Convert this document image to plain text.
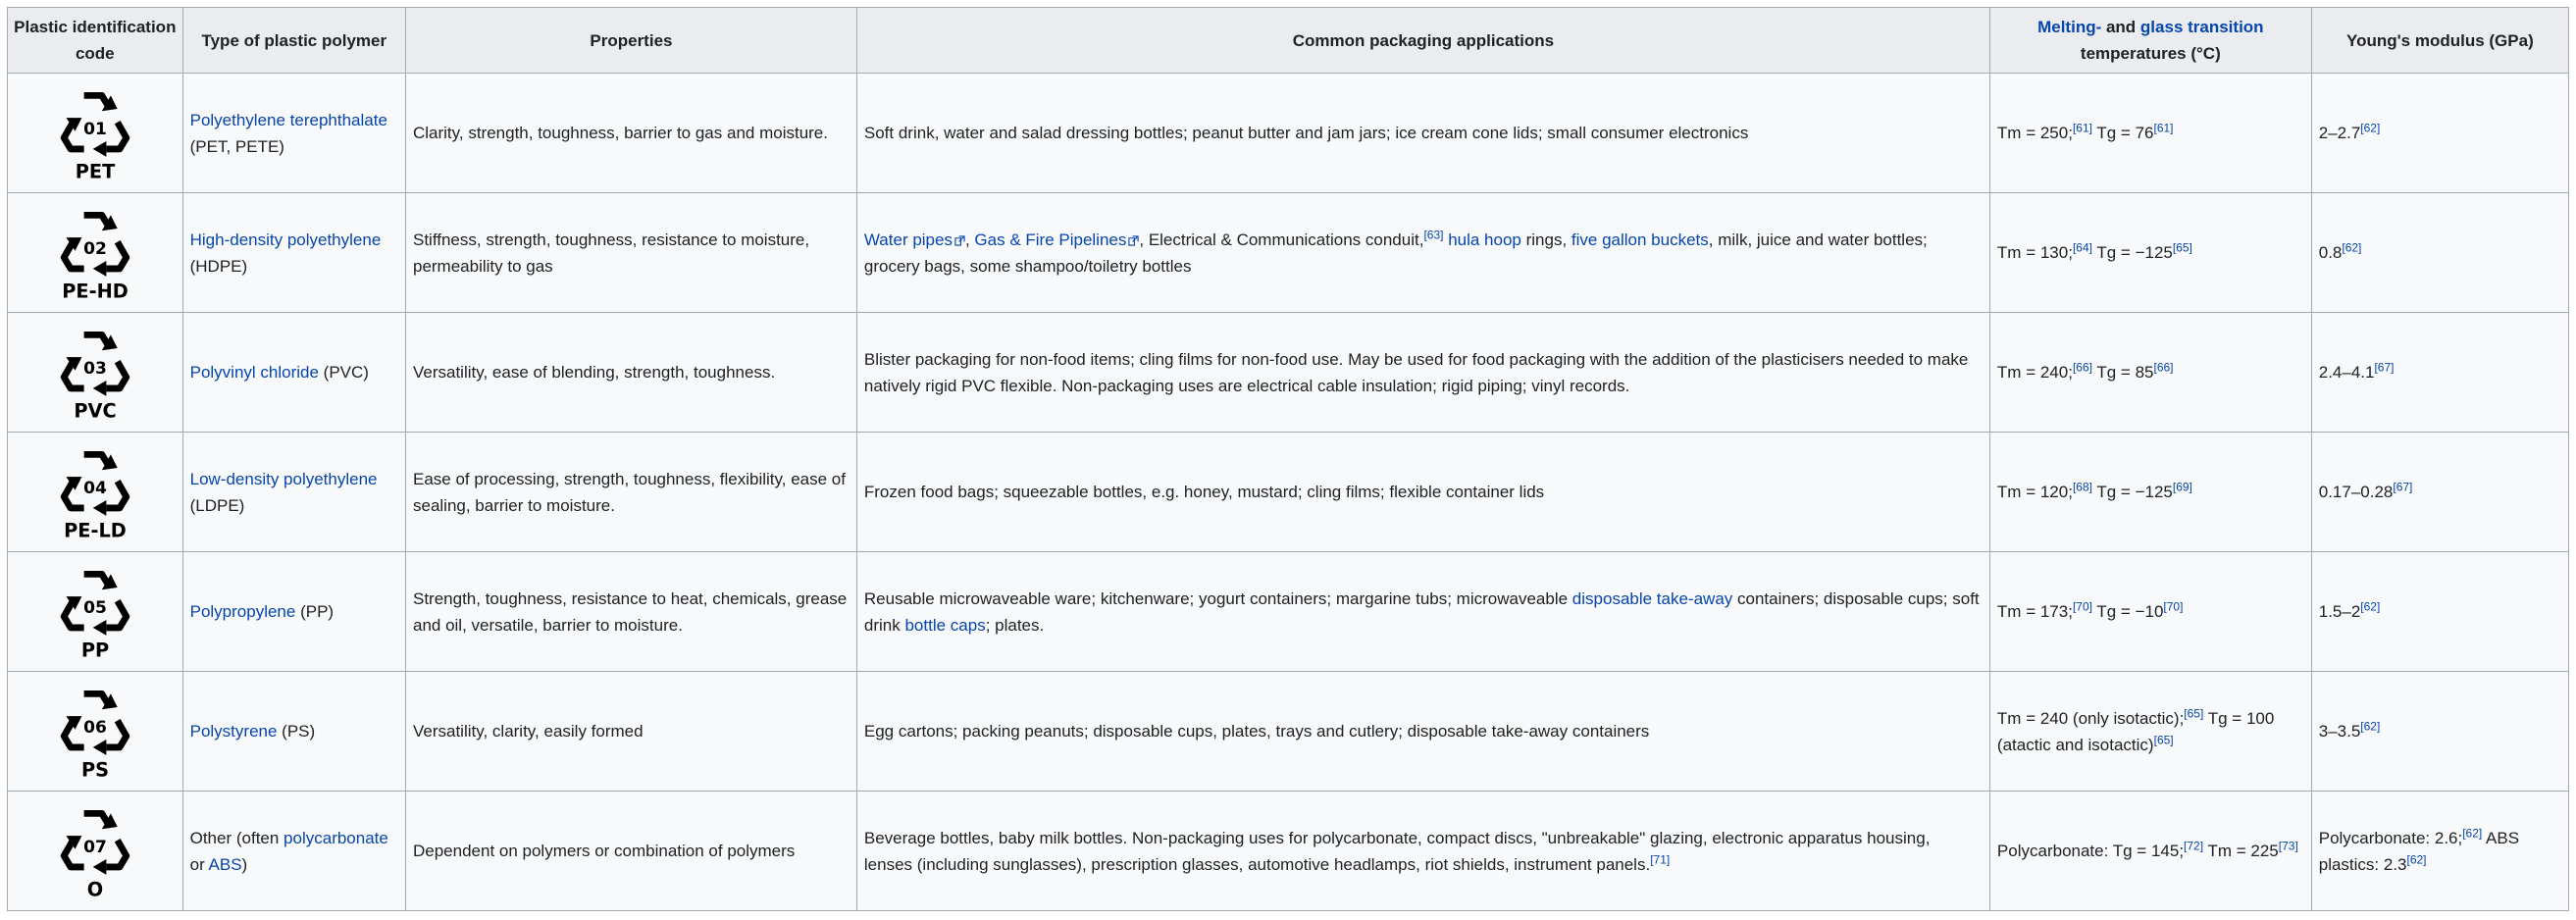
Plastic identification code	Type of plastic polymer	Properties	Common packaging applications	Melting- and glass transition
temperatures (°C)	Young's modulus (GPa)

01
PET	Polyethylene terephthalate
(PET, PETE)	Clarity, strength, toughness, barrier to gas and moisture.	Soft drink, water and salad dressing bottles; peanut butter and jam jars; ice cream cone lids; small consumer electronics	Tm = 250;[61] Tg = 76[61]	2–2.7[62]

02
PE-HD	High-density polyethylene
(HDPE)	Stiffness, strength, toughness, resistance to moisture, permeability to gas	Water pipes , Gas & Fire Pipelines , Electrical & Communications conduit,[63] hula hoop rings, five gallon buckets, milk, juice and water bottles; grocery bags, some shampoo/toiletry bottles	Tm = 130;[64] Tg = −125[65]	0.8[62]

03
PVC	Polyvinyl chloride (PVC)	Versatility, ease of blending, strength, toughness.	Blister packaging for non-food items; cling films for non-food use. May be used for food packaging with the addition of the plasticisers needed to make natively rigid PVC flexible. Non-packaging uses are electrical cable insulation; rigid piping; vinyl records.	Tm = 240;[66] Tg = 85[66]	2.4–4.1[67]

04
PE-LD	Low-density polyethylene
(LDPE)	Ease of processing, strength, toughness, flexibility, ease of sealing, barrier to moisture.	Frozen food bags; squeezable bottles, e.g. honey, mustard; cling films; flexible container lids	Tm = 120;[68] Tg = −125[69]	0.17–0.28[67]

05
PP	Polypropylene (PP)	Strength, toughness, resistance to heat, chemicals, grease and oil, versatile, barrier to moisture.	Reusable microwaveable ware; kitchenware; yogurt containers; margarine tubs; microwaveable disposable take-away containers; disposable cups; soft drink bottle caps; plates.	Tm = 173;[70] Tg = −10[70]	1.5–2[62]

06
PS	Polystyrene (PS)	Versatility, clarity, easily formed	Egg cartons; packing peanuts; disposable cups, plates, trays and cutlery; disposable take-away containers	Tm = 240 (only isotactic);[65] Tg = 100 (atactic and isotactic)[65]	3–3.5[62]

07
O	Other (often polycarbonate or ABS)	Dependent on polymers or combination of polymers	Beverage bottles, baby milk bottles. Non-packaging uses for polycarbonate, compact discs, "unbreakable" glazing, electronic apparatus housing, lenses (including sunglasses), prescription glasses, automotive headlamps, riot shields, instrument panels.[71]	Polycarbonate: Tg = 145;[72] Tm = 225[73]	Polycarbonate: 2.6;[62] ABS plastics: 2.3[62]
